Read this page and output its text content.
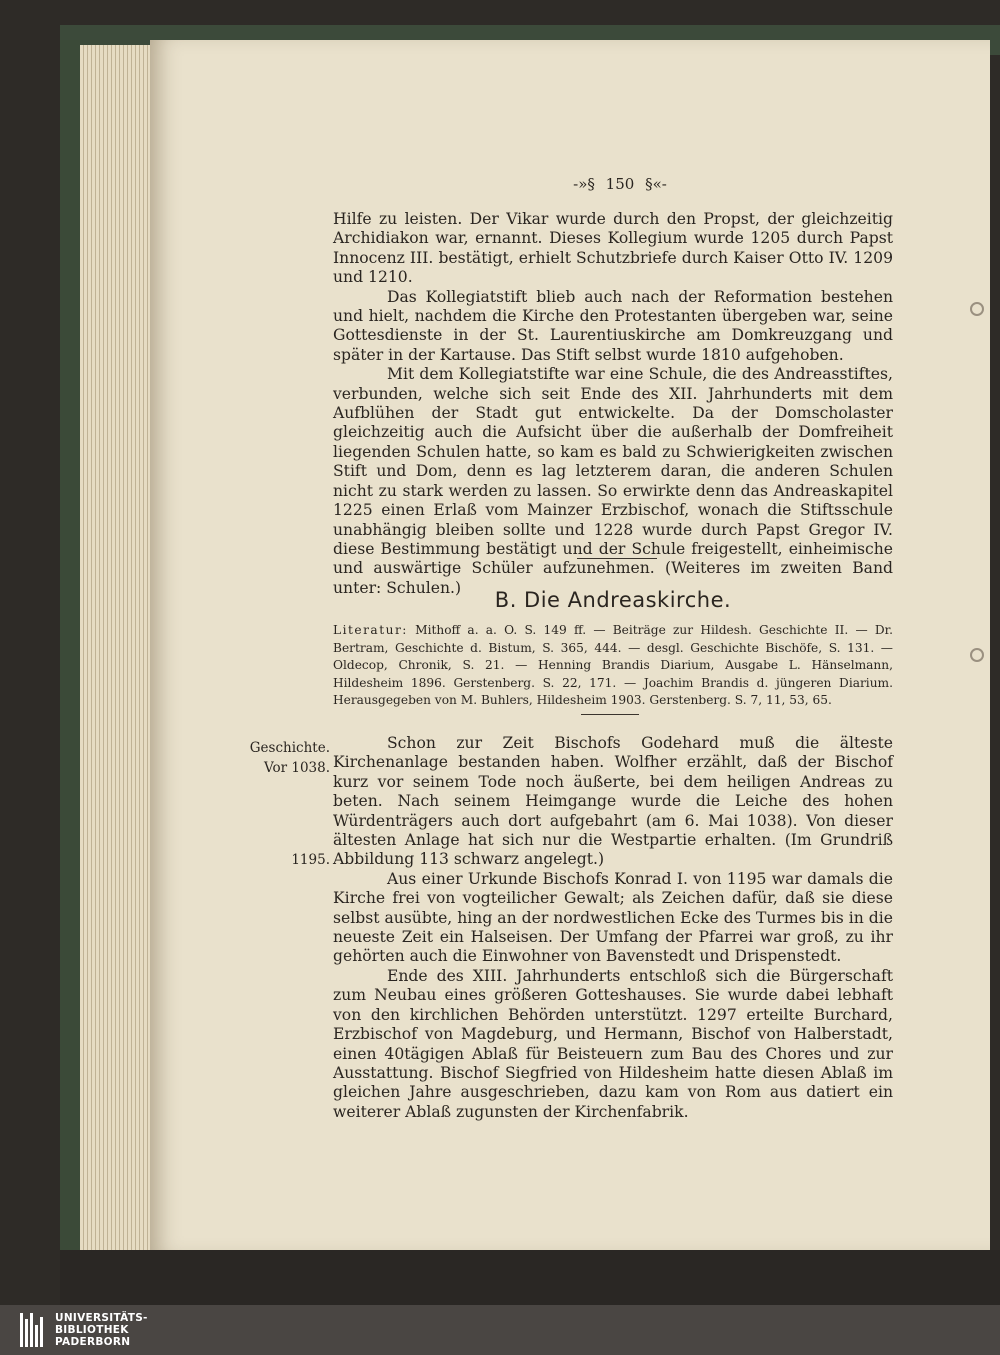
-»§ 150 §«-

Hilfe zu leisten. Der Vikar wurde durch den Propst, der gleichzeitig Archidiakon war, ernannt. Dieses Kollegium wurde 1205 durch Papst Innocenz III. bestätigt, erhielt Schutzbriefe durch Kaiser Otto IV. 1209 und 1210.

Das Kollegiatstift blieb auch nach der Reformation bestehen und hielt, nachdem die Kirche den Protestanten übergeben war, seine Gottesdienste in der St. Laurentiuskirche am Domkreuzgang und später in der Kartause. Das Stift selbst wurde 1810 aufgehoben.

Mit dem Kollegiatstifte war eine Schule, die des Andreasstiftes, verbunden, welche sich seit Ende des XII. Jahrhunderts mit dem Aufblühen der Stadt gut entwickelte. Da der Domscholaster gleichzeitig auch die Aufsicht über die außerhalb der Domfreiheit liegenden Schulen hatte, so kam es bald zu Schwierigkeiten zwischen Stift und Dom, denn es lag letzterem daran, die anderen Schulen nicht zu stark werden zu lassen. So erwirkte denn das Andreaskapitel 1225 einen Erlaß vom Mainzer Erzbischof, wonach die Stiftsschule unabhängig bleiben sollte und 1228 wurde durch Papst Gregor IV. diese Bestimmung bestätigt und der Schule freigestellt, einheimische und auswärtige Schüler aufzunehmen. (Weiteres im zweiten Band unter: Schulen.)

B. Die Andreaskirche.
Literatur: Mithoff a. a. O. S. 149 ff. — Beiträge zur Hildesh. Geschichte II. — Dr. Bertram, Geschichte d. Bistum, S. 365, 444. — desgl. Geschichte Bischöfe, S. 131. — Oldecop, Chronik, S. 21. — Henning Brandis Diarium, Ausgabe L. Hänselmann, Hildesheim 1896. Gerstenberg. S. 22, 171. — Joachim Brandis d. jüngeren Diarium. Herausgegeben von M. Buhlers, Hildesheim 1903. Gerstenberg. S. 7, 11, 53, 65.
Geschichte.
Vor 1038.
1195.

Schon zur Zeit Bischofs Godehard muß die älteste Kirchenanlage bestanden haben. Wolfher erzählt, daß der Bischof kurz vor seinem Tode noch äußerte, bei dem heiligen Andreas zu beten. Nach seinem Heimgange wurde die Leiche des hohen Würdenträgers auch dort aufgebahrt (am 6. Mai 1038). Von dieser ältesten Anlage hat sich nur die Westpartie erhalten. (Im Grundriß Abbildung 113 schwarz angelegt.)

Aus einer Urkunde Bischofs Konrad I. von 1195 war damals die Kirche frei von vogteilicher Gewalt; als Zeichen dafür, daß sie diese selbst ausübte, hing an der nordwestlichen Ecke des Turmes bis in die neueste Zeit ein Halseisen. Der Umfang der Pfarrei war groß, zu ihr gehörten auch die Einwohner von Bavenstedt und Drispenstedt.

Ende des XIII. Jahrhunderts entschloß sich die Bürgerschaft zum Neubau eines größeren Gotteshauses. Sie wurde dabei lebhaft von den kirchlichen Behörden unterstützt. 1297 erteilte Burchard, Erzbischof von Magdeburg, und Hermann, Bischof von Halberstadt, einen 40tägigen Ablaß für Beisteuern zum Bau des Chores und zur Ausstattung. Bischof Siegfried von Hildesheim hatte diesen Ablaß im gleichen Jahre ausgeschrieben, dazu kam von Rom aus datiert ein weiterer Ablaß zugunsten der Kirchenfabrik.

UNIVERSITÄTS-
BIBLIOTHEK
PADERBORN
